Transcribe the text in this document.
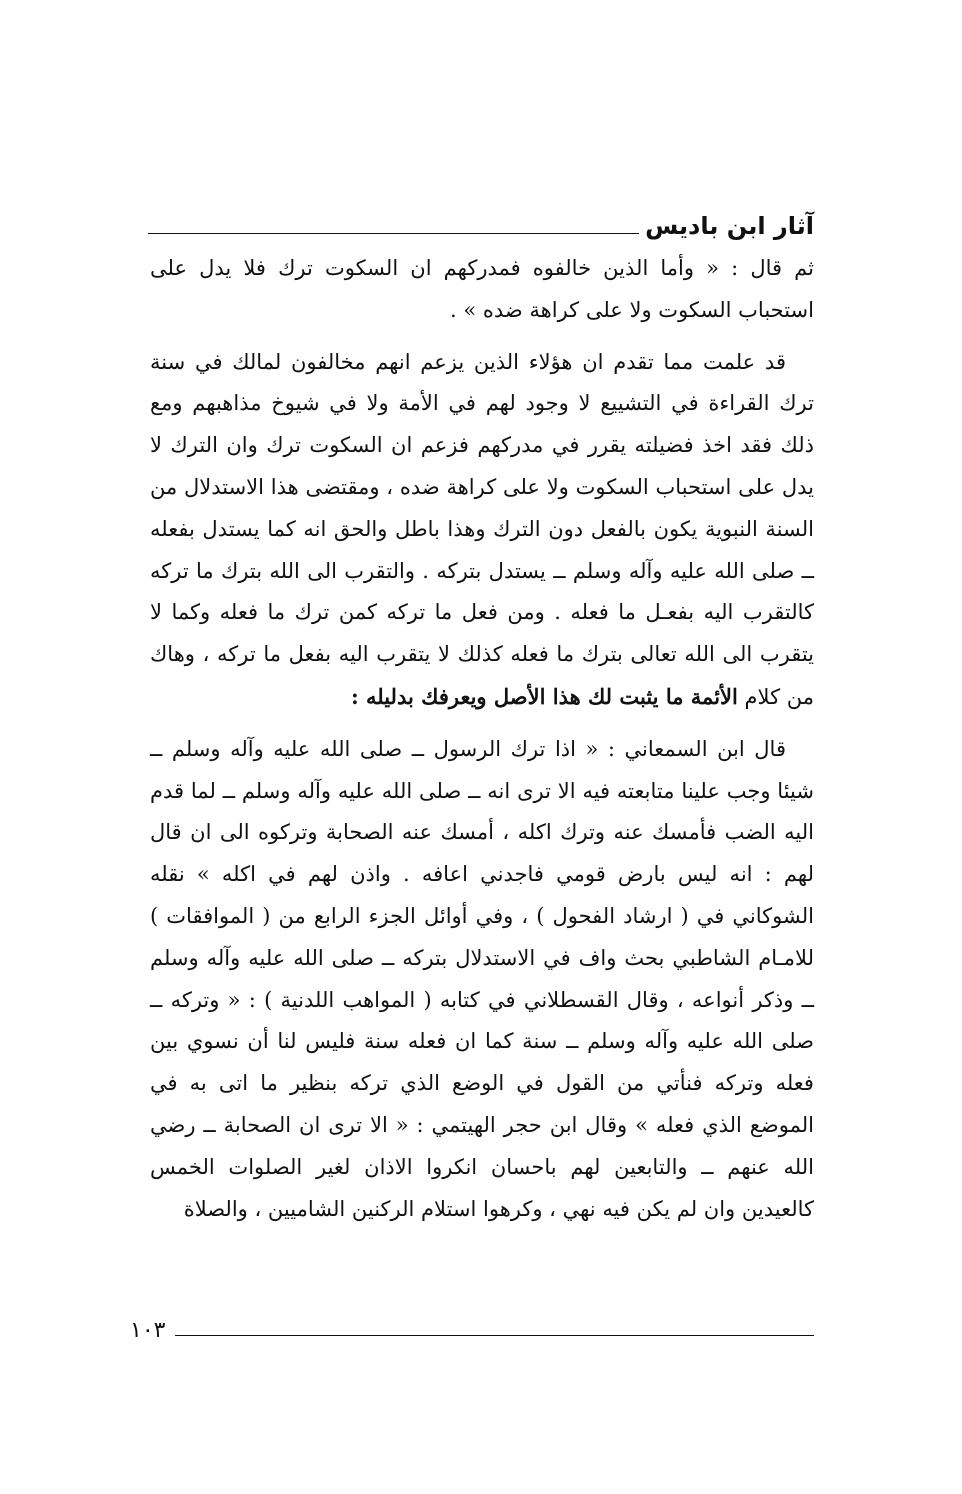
آثار ابن باديس

ثم قال : « وأما الذين خالفوه فمدركهم ان السكوت ترك فلا يدل على استحباب السكوت ولا على كراهة ضده » .

قد علمت مما تقدم ان هؤلاء الذين يزعم انهم مخالفون لمالك في سنة ترك القراءة في التشييع لا وجود لهم في الأمة ولا في شيوخ مذاهبهم ومع ذلك فقد اخذ فضيلته يقرر في مدركهم فزعم ان السكوت ترك وان الترك لا يدل على استحباب السكوت ولا على كراهة ضده ، ومقتضى هذا الاستدلال من السنة النبوية يكون بالفعل دون الترك وهذا باطل والحق انه كما يستدل بفعله ــ صلى الله عليه وآله وسلم ــ يستدل بتركه . والتقرب الى الله بترك ما تركه كالتقرب اليه بفعـل ما فعله . ومن فعل ما تركه كمن ترك ما فعله وكما لا يتقرب الى الله تعالى بترك ما فعله كذلك لا يتقرب اليه بفعل ما تركه ، وهاك من كلام الأئمة ما يثبت لك هذا الأصل ويعرفك بدليله :

قال ابن السمعاني : « اذا ترك الرسول ــ صلى الله عليه وآله وسلم ــ شيئا وجب علينا متابعته فيه الا ترى انه ــ صلى الله عليه وآله وسلم ــ لما قدم اليه الضب فأمسك عنه وترك اكله ، أمسك عنه الصحابة وتركوه الى ان قال لهم : انه ليس بارض قومي فاجدني اعافه . واذن لهم في اكله » نقله الشوكاني في ( ارشاد الفحول ) ، وفي أوائل الجزء الرابع من ( الموافقات ) للامـام الشاطبي بحث واف في الاستدلال بتركه ــ صلى الله عليه وآله وسلم ــ وذكر أنواعه ، وقال القسطلاني في كتابه ( المواهب اللدنية ) : « وتركه ــ صلى الله عليه وآله وسلم ــ سنة كما ان فعله سنة فليس لنا أن نسوي بين فعله وتركه فنأتي من القول في الوضع الذي تركه بنظير ما اتى به في الموضع الذي فعله » وقال ابن حجر الهيتمي : « الا ترى ان الصحابة ــ رضي الله عنهم ــ والتابعين لهم باحسان انكروا الاذان لغير الصلوات الخمس كالعيدين وان لم يكن فيه نهي ، وكرهوا استلام الركنين الشاميين ، والصلاة

١٠٣
